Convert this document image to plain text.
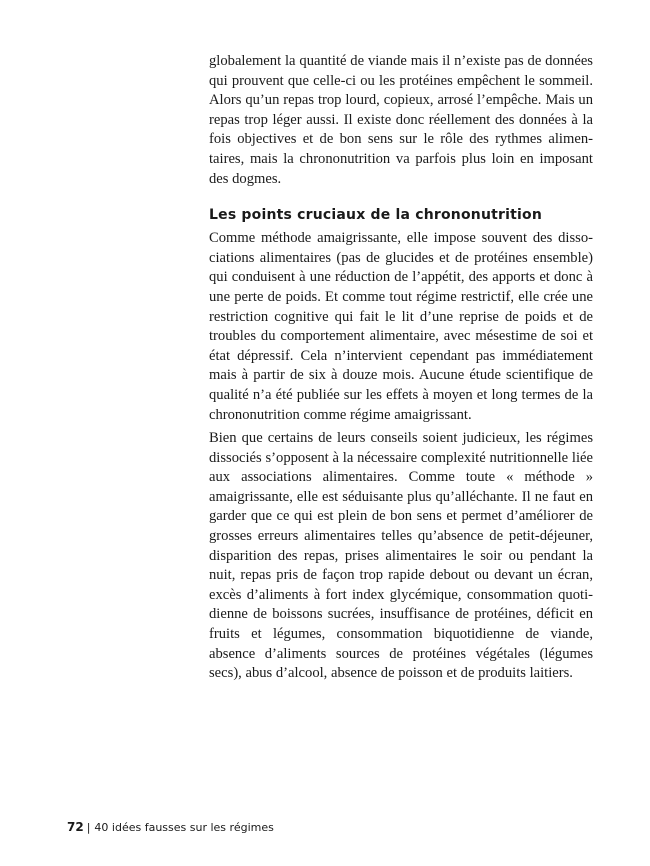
globalement la quantité de viande mais il n’existe pas de données qui prouvent que celle-ci ou les protéines empêchent le sommeil. Alors qu’un repas trop lourd, copieux, arrosé l’empêche. Mais un repas trop léger aussi. Il existe donc réellement des données à la fois objectives et de bon sens sur le rôle des rythmes alimentaires, mais la chrononutrition va parfois plus loin en imposant des dogmes.

Les points cruciaux de la chrononutrition

Comme méthode amaigrissante, elle impose souvent des dissociations alimentaires (pas de glucides et de protéines ensemble) qui conduisent à une réduction de l’appétit, des apports et donc à une perte de poids. Et comme tout régime restrictif, elle crée une restriction cognitive qui fait le lit d’une reprise de poids et de troubles du comportement alimentaire, avec mésestime de soi et état dépressif. Cela n’intervient cependant pas immédiatement mais à partir de six à douze mois. Aucune étude scientifique de qualité n’a été publiée sur les effets à moyen et long termes de la chrononutrition comme régime amaigrissant.

Bien que certains de leurs conseils soient judicieux, les régimes dissociés s’opposent à la nécessaire complexité nutritionnelle liée aux associations alimentaires. Comme toute « méthode » amaigrissante, elle est séduisante plus qu’alléchante. Il ne faut en garder que ce qui est plein de bon sens et permet d’améliorer de grosses erreurs alimentaires telles qu’absence de petit-déjeuner, disparition des repas, prises alimentaires le soir ou pendant la nuit, repas pris de façon trop rapide debout ou devant un écran, excès d’aliments à fort index glycémique, consommation quotidienne de boissons sucrées, insuffisance de protéines, déficit en fruits et légumes, consommation biquotidienne de viande, absence d’aliments sources de protéines végétales (légumes secs), abus d’alcool, absence de poisson et de produits laitiers.

72 | 40 idées fausses sur les régimes
